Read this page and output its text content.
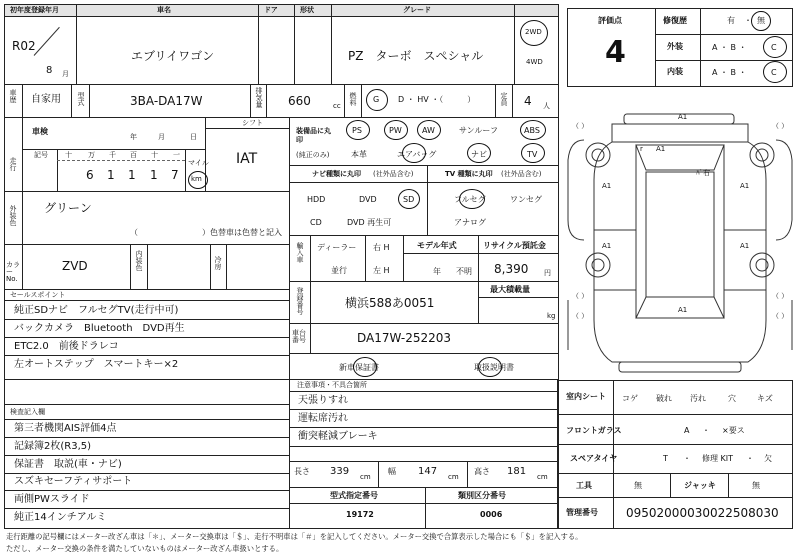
初年度登録年月	車名	ドア	形状	グレード
R02
8 月
エブリイワゴン	PZ　ターボ　スペシャル
2WD
4WD
車歴 自家用 型式	3BA-DA17W	排気量 660	cc 燃料 G D ・ HV ・（　　　）	定員 4 人
車検
年	月	日
シフト
IAT
走行
記号 十 万 千 百 十 一
6 1 1 1 7
マイル
km
外装色 グリーン
（　　　　　　　　）色替車は色替と記入
カラーNo.
ZVD	内装色	冷房
セールスポイント
純正SDナビ　フルセグTV(走行中可)
バックカメラ　Bluetooth　DVD再生
ETC2.0　前後ドラレコ
左オートステップ　スマートキー×2
検査記入欄
第三者機関AIS評価4点
記録簿2枚(R3,5)
保証書　取説(車・ナビ)
スズキセーフティサポート
両側PWスライド
純正14インチアルミ
装備品に丸印
(純正のみ)
PS	PW	AW	サンルーフ	ABS
本革	エアバッグ	ナビ	TV
ナビ種類に丸印 (社外品含む)	TV 種類に丸印 (社外品含む)
HDD	DVD	SD
CD	DVD 再生可
フルセグ	ワンセグ
アナログ
輸入車 ディーラー
並行
右 H
左 H
モデル年式
年 不明
リサイクル預託金
8,390 円
登録番号	横浜588あ0051
最大積載量
kg
車台番号	DA17W-252203
新車保証書	取扱説明書
注意事項・不具合箇所
天張りすれ
運転席汚れ
衝突軽減ブレーキ
長さ 339 cm
幅 147 cm
高さ 181 cm
型式指定番号	類別区分番号
19172	0006
評価点
4
修復歴	有 ・ 無
外装	A ・ B ・	C
内装	A ・ B ・	C
（ ）	（ ）
（ ）	（ ）
（ ）	（ ）
A1
A1
A1
A1
A1
A1
A1
ﾊﾞ右
r
室内シート コゲ 破れ 汚れ	穴	キズ
フロントガラス	A ・ ×要ス
スペアタイヤ	T ・ 修理 KIT ・ 欠
工具	無	ジャッキ	無
管理番号 09502000030022508030
走行距離の記号欄にはメーター改ざん車は「＊」、メーター交換車は「＄」、走行不明車は「＃」を記入してください。メーター交換で合算表示した場合にも「＄」を記入する。
ただし、メーター交換の条件を満たしていないものはメーター改ざん車扱いとする。
